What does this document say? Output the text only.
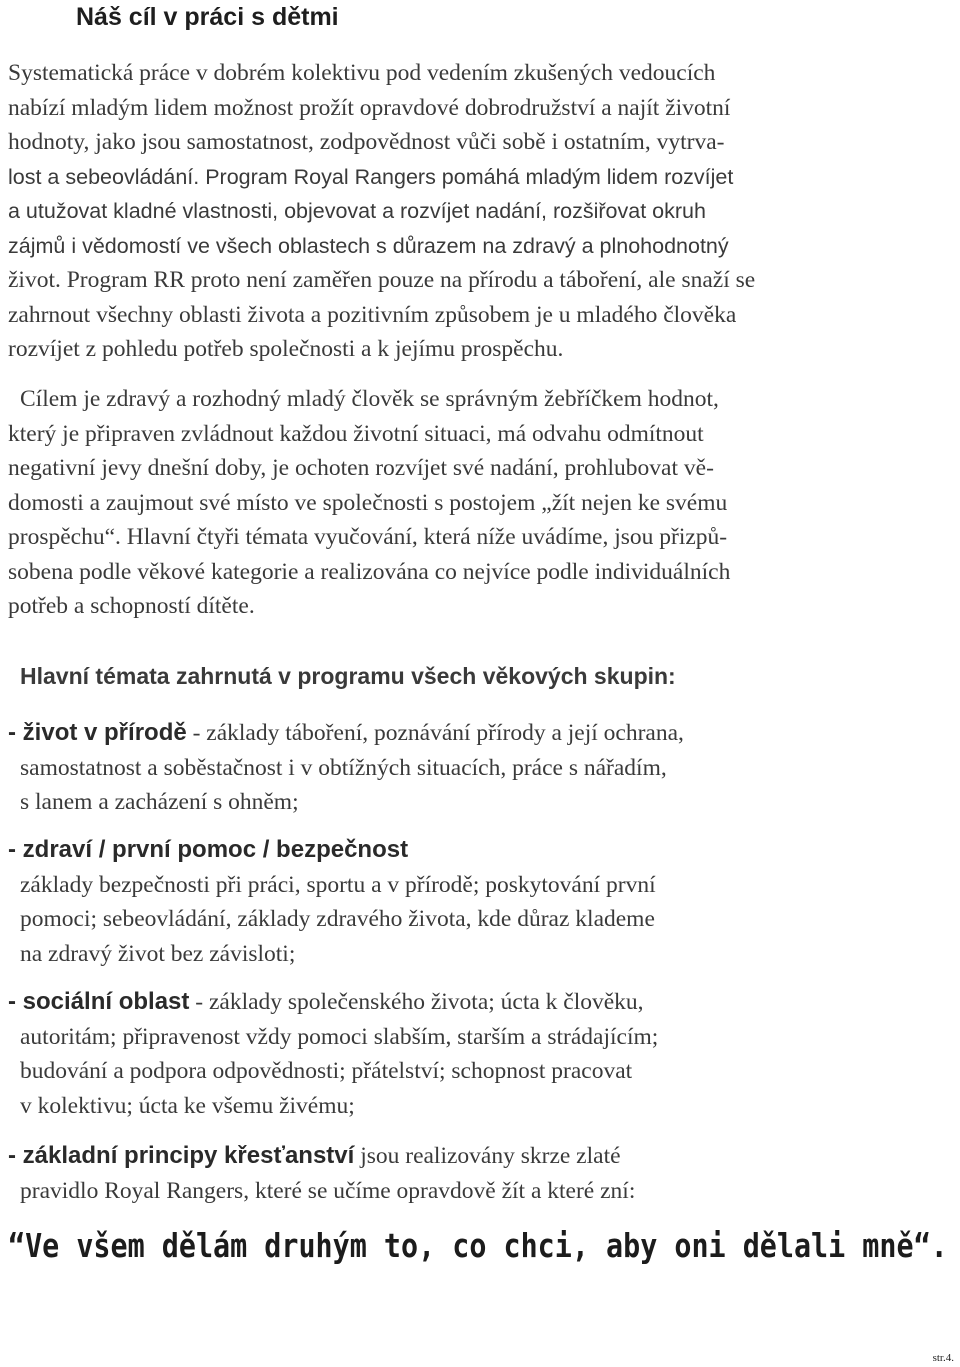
Náš cíl v práci s dětmi
Systematická práce v dobrém kolektivu pod vedením zkušených vedoucích
nabízí mladým lidem možnost prožít opravdové dobrodružství a najít životní
hodnoty, jako jsou samostatnost, zodpovědnost vůči sobě i ostatním, vytrva-
lost a sebeovládání. Program Royal Rangers pomáhá mladým lidem rozvíjet
a utužovat kladné vlastnosti, objevovat a rozvíjet nadání, rozšiřovat okruh
zájmů i vědomostí ve všech oblastech s důrazem na zdravý a plnohodnotný
život. Program RR proto není zaměřen pouze na přírodu a táboření, ale snaží se
zahrnout všechny oblasti života a pozitivním způsobem je u mladého člověka
rozvíjet z pohledu potřeb společnosti a k jejímu prospěchu.
Cílem je zdravý a rozhodný mladý člověk se správným žebříčkem hodnot,
který je připraven zvládnout každou životní situaci, má odvahu odmítnout
negativní jevy dnešní doby, je ochoten rozvíjet své nadání, prohlubovat vě-
domosti a zaujmout své místo ve společnosti s postojem „žít nejen ke svému
prospěchu“. Hlavní čtyři témata vyučování, která níže uvádíme, jsou přizpů-
sobena podle věkové kategorie a realizována co nejvíce podle individuálních
potřeb a schopností dítěte.
Hlavní témata zahrnutá v programu všech věkových skupin:
- život v přírodě - základy táboření, poznávání přírody a její ochrana,
samostatnost a soběstačnost i v obtížných situacích, práce s nářadím,
s lanem a zacházení s ohněm;
- zdraví / první pomoc / bezpečnost
základy bezpečnosti při práci, sportu a v přírodě; poskytování první
pomoci; sebeovládání, základy zdravého života, kde důraz klademe
na zdravý život bez závisloti;
- sociální oblast - základy společenského života; úcta k člověku,
autoritám; připravenost vždy pomoci slabším, starším a strádajícím;
budování a podpora odpovědnosti; přátelství; schopnost pracovat
v kolektivu; úcta ke všemu živému;
- základní principy křesťanství jsou realizovány skrze zlaté
pravidlo Royal Rangers, které se učíme opravdově žít a které zní:
“Ve všem dělám druhým to, co chci, aby oni dělali mně“.
str.4.
